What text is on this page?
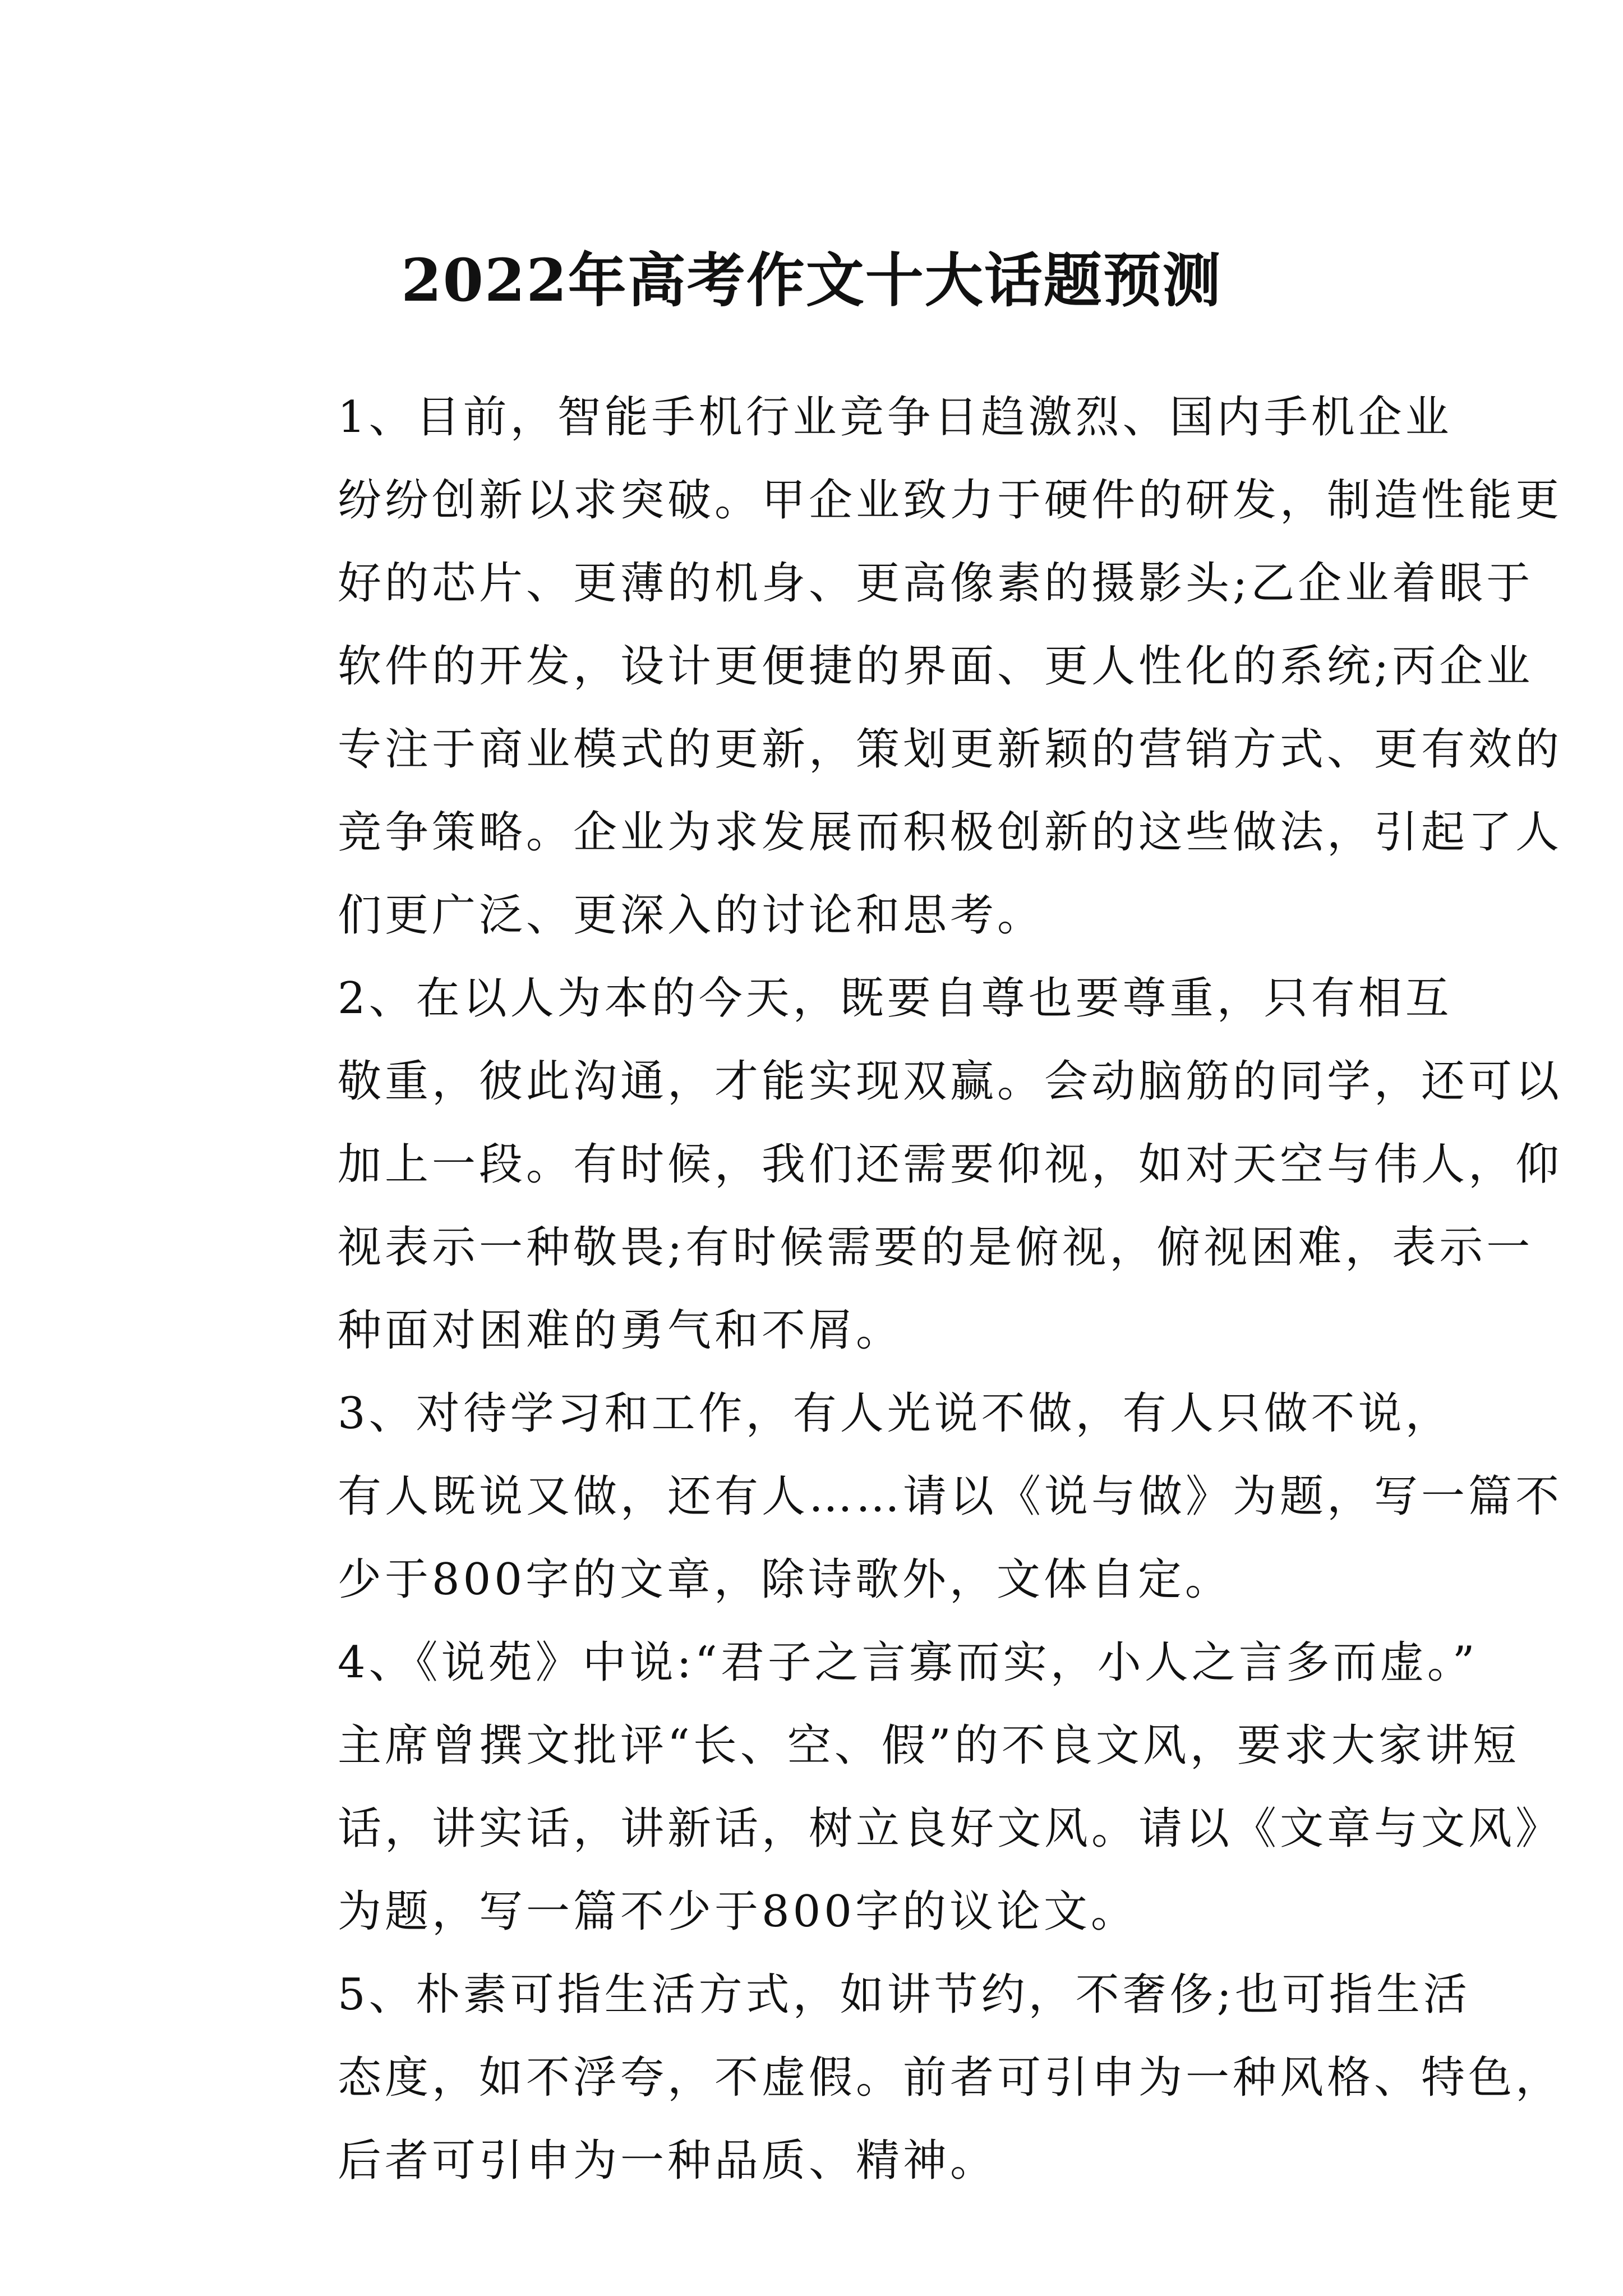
2022年高考作文十大话题预测

1、目前，智能手机行业竞争日趋激烈、国内手机企业
纷纷创新以求突破。甲企业致力于硬件的研发，制造性能更
好的芯片、更薄的机身、更高像素的摄影头;乙企业着眼于
软件的开发，设计更便捷的界面、更人性化的系统;丙企业
专注于商业模式的更新，策划更新颖的营销方式、更有效的
竞争策略。企业为求发展而积极创新的这些做法，引起了人
们更广泛、更深入的讨论和思考。

2、在以人为本的今天，既要自尊也要尊重，只有相互
敬重，彼此沟通，才能实现双赢。会动脑筋的同学，还可以
加上一段。有时候，我们还需要仰视，如对天空与伟人，仰
视表示一种敬畏;有时候需要的是俯视，俯视困难，表示一
种面对困难的勇气和不屑。

3、对待学习和工作，有人光说不做，有人只做不说，
有人既说又做，还有人……请以《说与做》为题，写一篇不
少于800字的文章，除诗歌外，文体自定。

4、《说苑》中说:“君子之言寡而实，小人之言多而虚。”
主席曾撰文批评“长、空、假”的不良文风，要求大家讲短
话，讲实话，讲新话，树立良好文风。请以《文章与文风》
为题，写一篇不少于800字的议论文。

5、朴素可指生活方式，如讲节约，不奢侈;也可指生活
态度，如不浮夸，不虚假。前者可引申为一种风格、特色，
后者可引申为一种品质、精神。
